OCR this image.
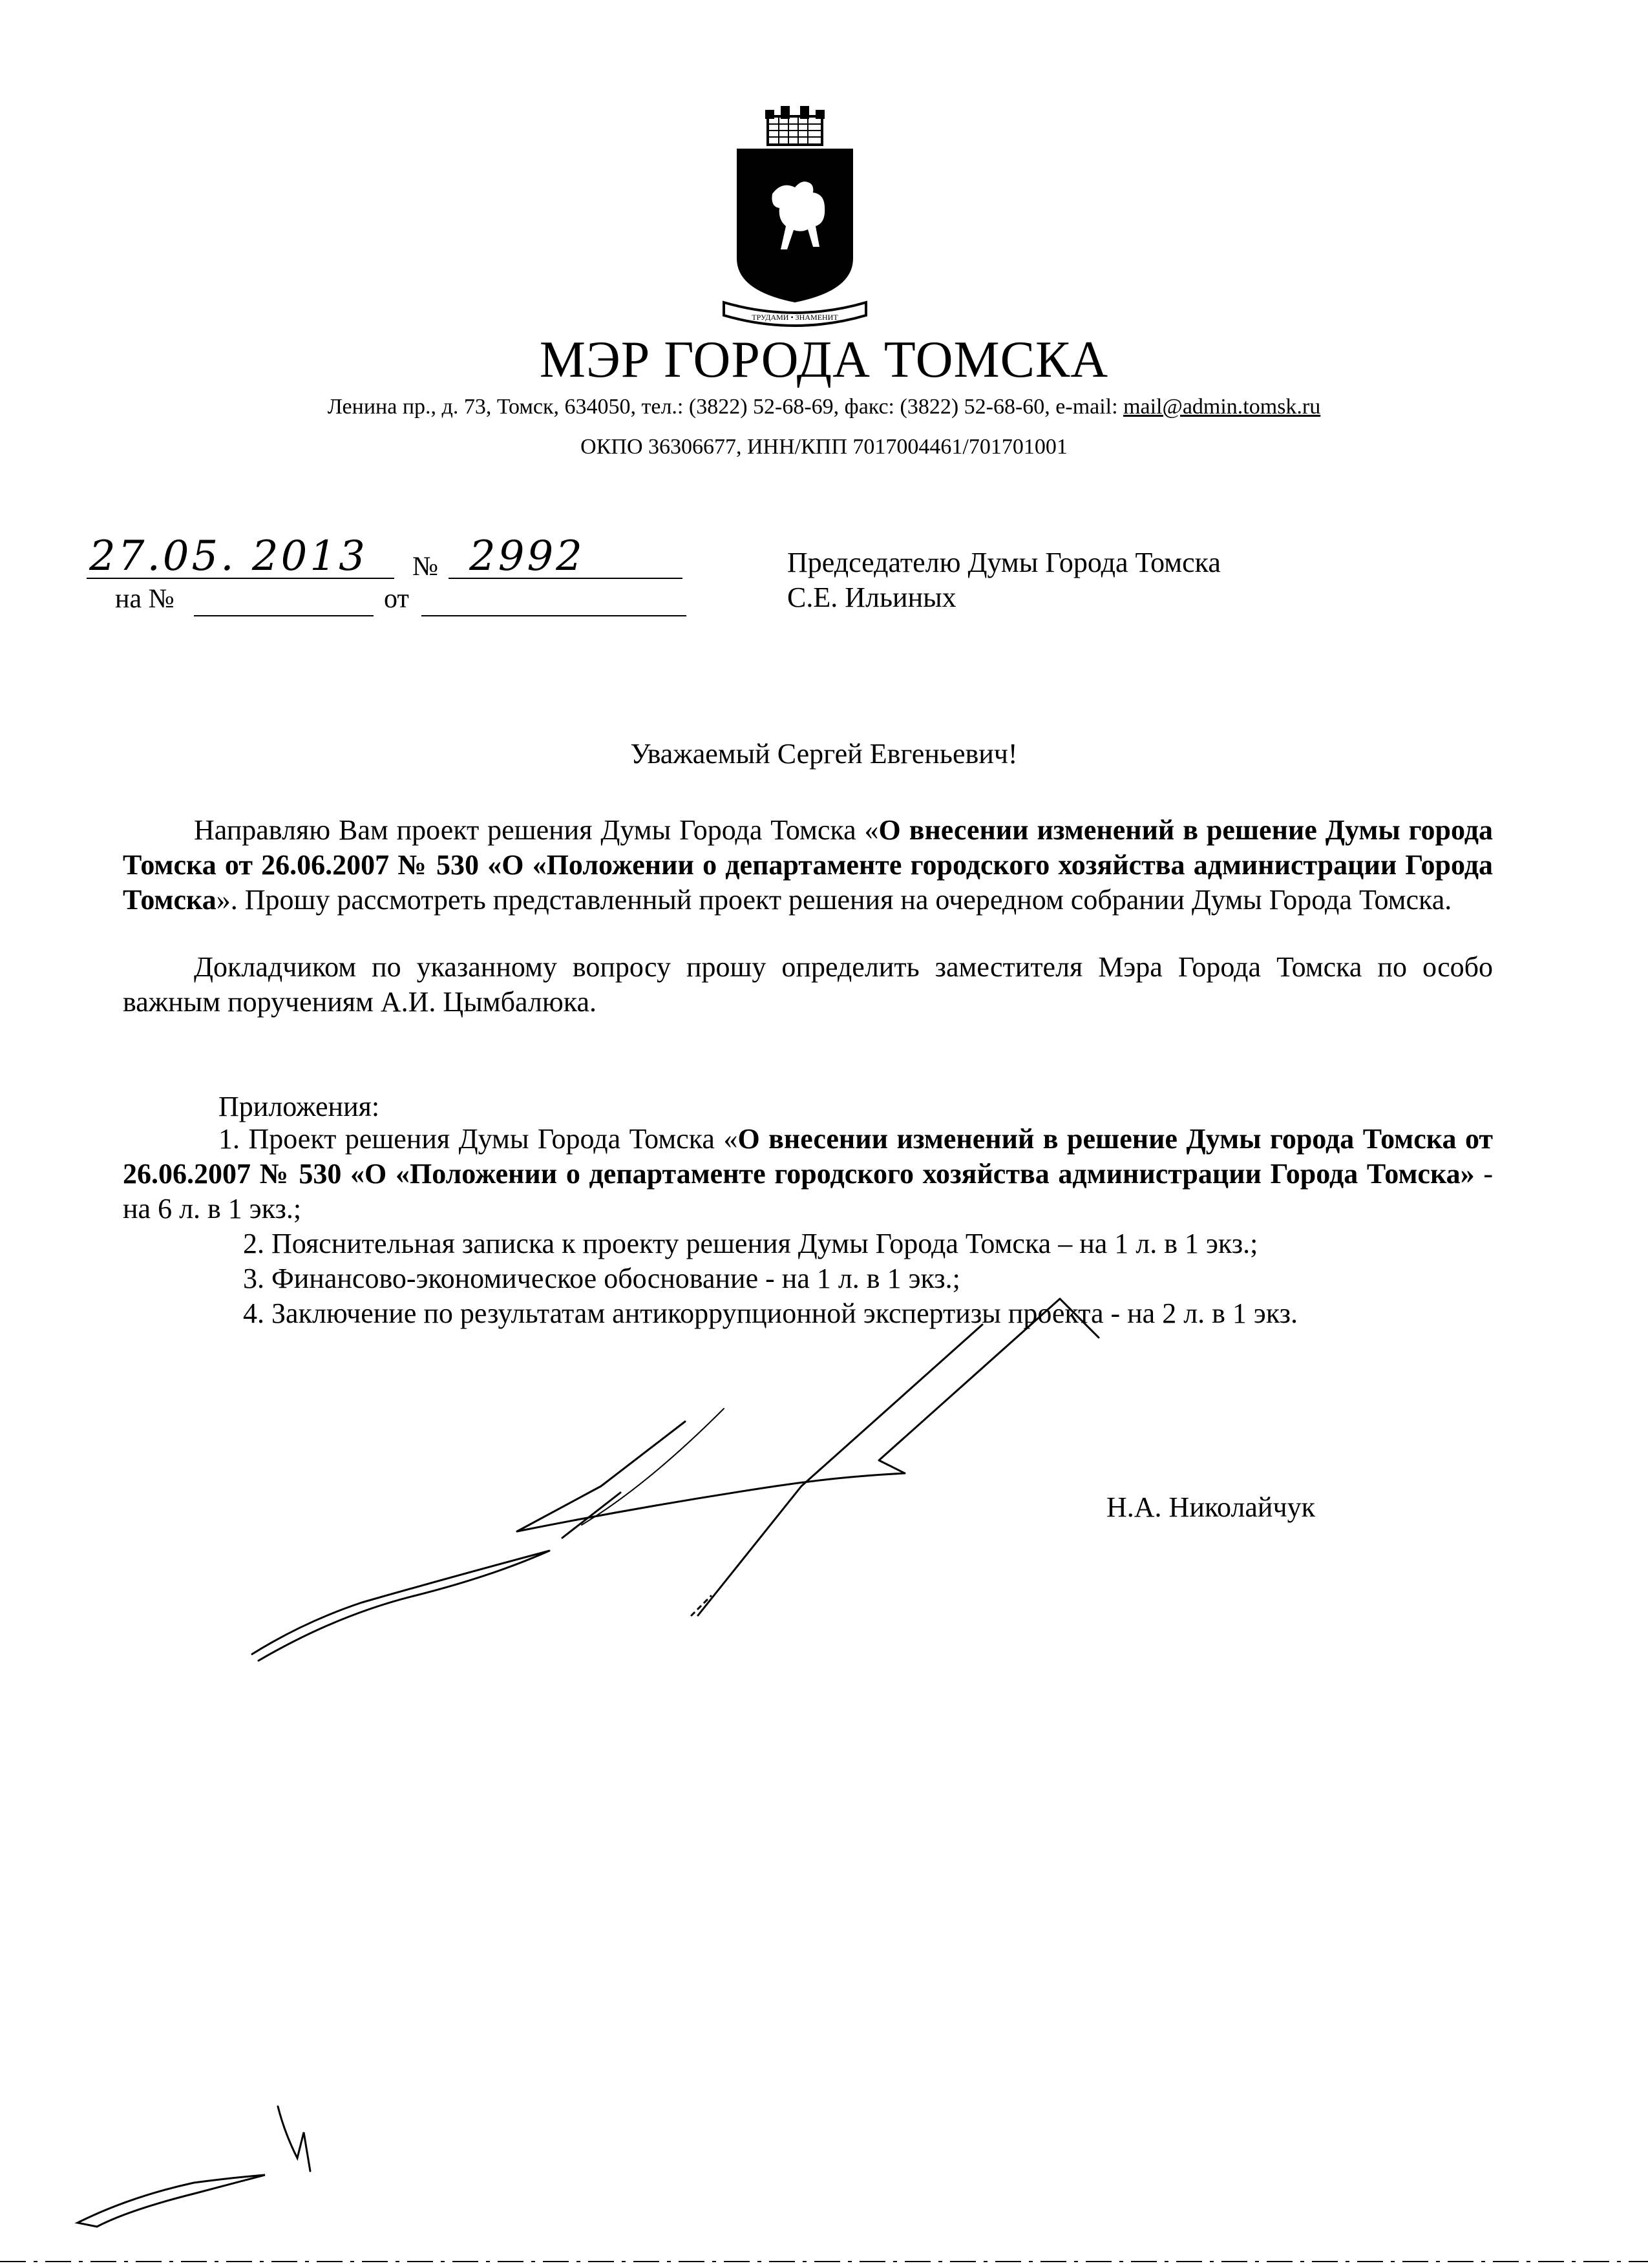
ТРУДАМИ • ЗНАМЕНИТ
МЭР ГОРОДА ТОМСКА
Ленина пр., д. 73, Томск, 634050, тел.: (3822) 52-68-69, факс: (3822) 52-68-60, e-mail: mail@admin.tomsk.ru
ОКПО 36306677, ИНН/КПП 7017004461/701701001
27.05. 2013 № 2992
на №	от
Председателю Думы Города Томска
С.Е. Ильиных
Уважаемый Сергей Евгеньевич!
Направляю Вам проект решения Думы Города Томска «О внесении изменений в решение Думы города Томска от 26.06.2007 № 530 «О «Положении о департаменте городского хозяйства администрации Города Томска». Прошу рассмотреть представленный проект решения на очередном собрании Думы Города Томска.
Докладчиком по указанному вопросу прошу определить заместителя Мэра Города Томска по особо важным поручениям А.И. Цымбалюка.
Приложения:
1. Проект решения Думы Города Томска «О внесении изменений в решение Думы города Томска от 26.06.2007 № 530 «О «Положении о департаменте городского хозяйства администрации Города Томска» - на 6 л. в 1 экз.;
2. Пояснительная записка к проекту решения Думы Города Томска – на 1 л. в 1 экз.;
3. Финансово-экономическое обоснование - на 1 л. в 1 экз.;
4. Заключение по результатам антикоррупционной экспертизы проекта - на 2 л. в 1 экз.
Н.А. Николайчук
